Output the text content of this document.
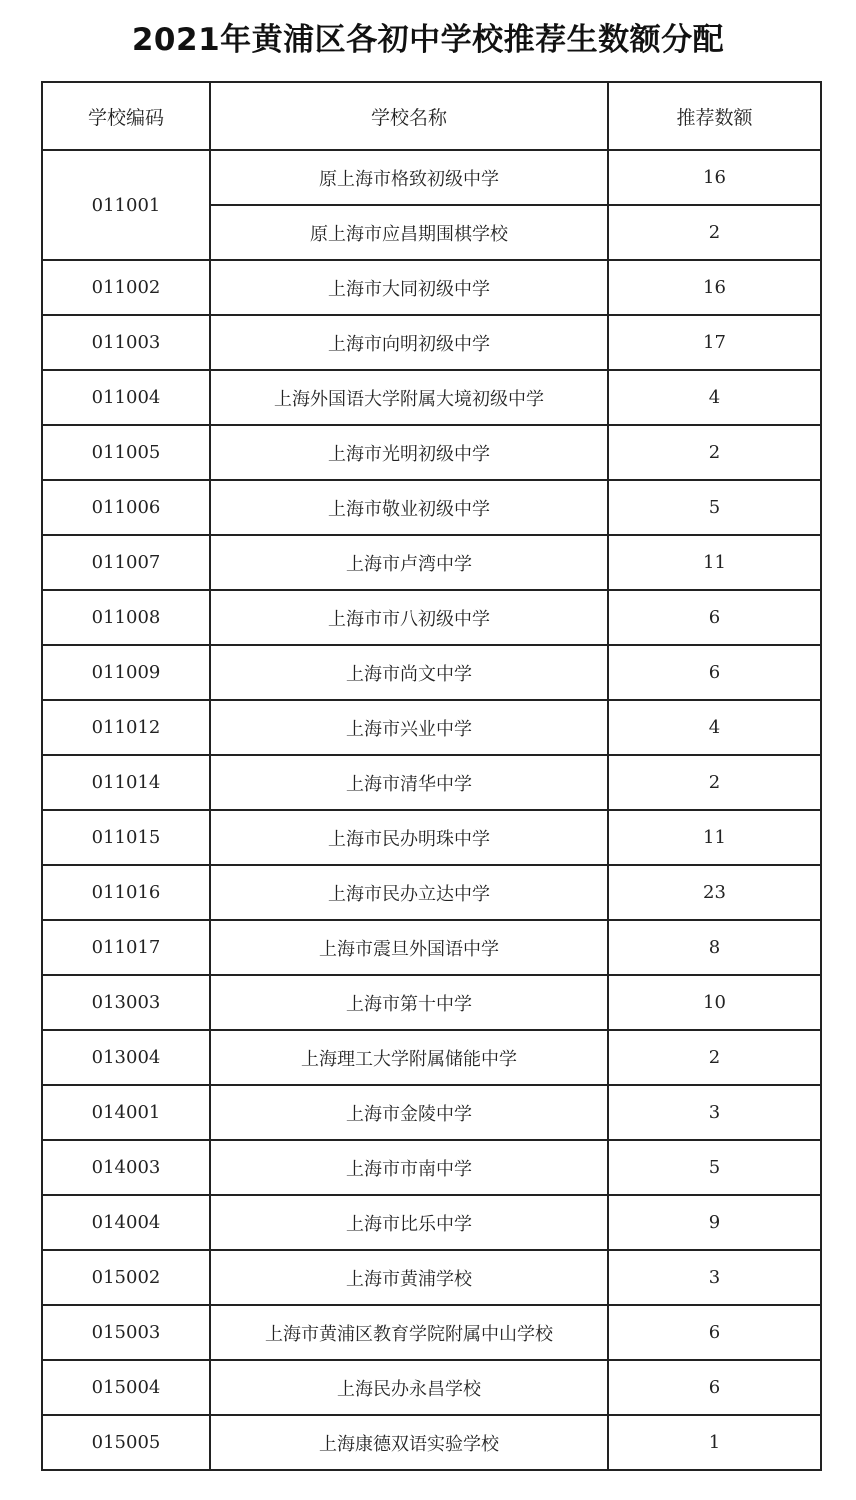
2021年黄浦区各初中学校推荐生数额分配
学校编码	学校名称	推荐数额
011001	原上海市格致初级中学	16
	原上海市应昌期围棋学校	2
011002	上海市大同初级中学	16
011003	上海市向明初级中学	17
011004	上海外国语大学附属大境初级中学	4
011005	上海市光明初级中学	2
011006	上海市敬业初级中学	5
011007	上海市卢湾中学	11
011008	上海市市八初级中学	6
011009	上海市尚文中学	6
011012	上海市兴业中学	4
011014	上海市清华中学	2
011015	上海市民办明珠中学	11
011016	上海市民办立达中学	23
011017	上海市震旦外国语中学	8
013003	上海市第十中学	10
013004	上海理工大学附属储能中学	2
014001	上海市金陵中学	3
014003	上海市市南中学	5
014004	上海市比乐中学	9
015002	上海市黄浦学校	3
015003	上海市黄浦区教育学院附属中山学校	6
015004	上海民办永昌学校	6
015005	上海康德双语实验学校	1
